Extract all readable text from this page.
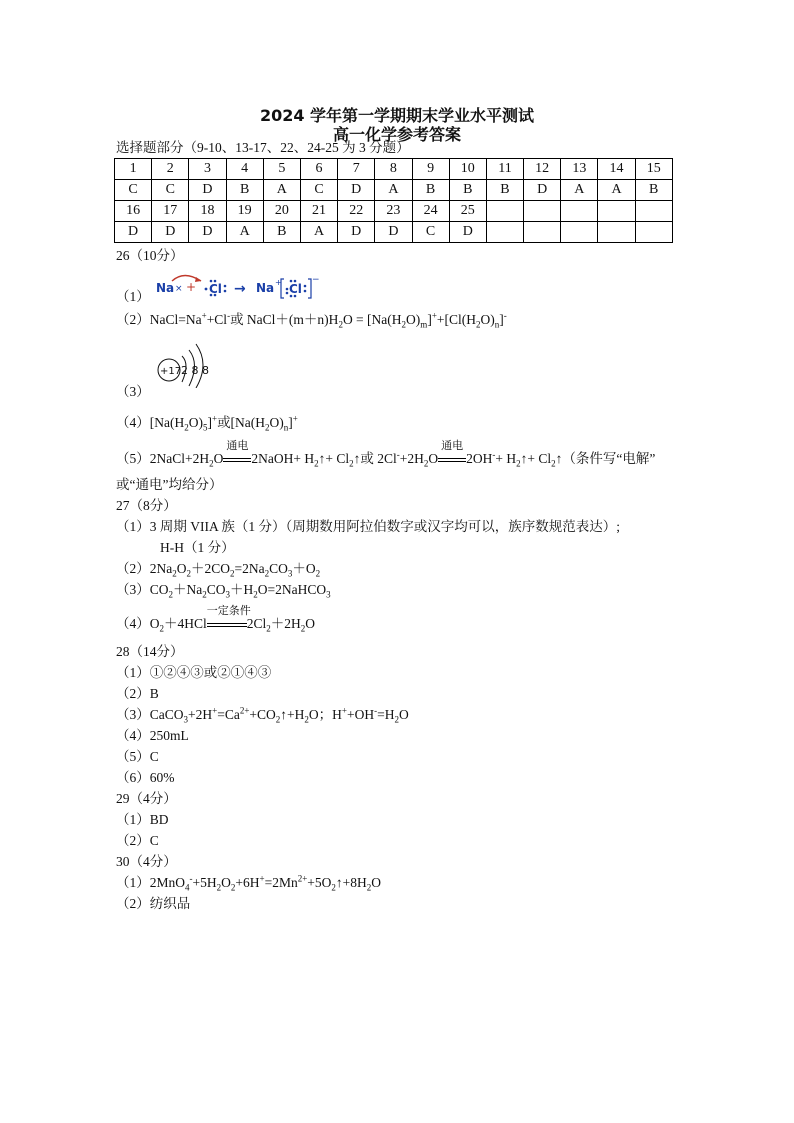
2024 学年第一学期期末学业水平测试
高一化学参考答案
选择题部分（9-10、13-17、22、24-25 为 3 分题）
1	2	3	4	5	6	7	8	9	10	11	12	13	14	15
C	C	D	B	A	C	D	A	B	B	B	D	A	A	B
16	17	18	19	20	21	22	23	24	25					
D	D	D	A	B	A	D	D	C	D					
26（10分）
（1）
Na × + Cl → Na + Cl
−
（2）NaCl=Na++Cl-或 $NaCl+(m+n)H_2O = [Na(H_2O)_m]^++[Cl(H_2O)_n]^-$
（3）
+17 2 8 8
$(4)[Na(H_2O)_5]^+$或$[Na(H_2O)_n]^+$
$(5)2NaCl+2H_2O$
通电
2NaOH+ $H_2↑+$ $Cl_2↑$或 $2Cl^-+2H_2O$
通电
$2OH^-+ H_2↑+$ $Cl_2↑$（条件写“电解”
或“通电”均给分）
27（8分）
（1）3 周期 VIIA 族（1 分）（周期数用阿拉伯数字或汉字均可以，族序数规范表达）;
H-H（1 分）
$(2)2Na_2O_2+2CO_2=2Na_2CO_3+O_2$
$(3)CO_2+Na_2CO_3+H_2O=2NaHCO_3$
$(4)O_2+4HCl$
一定条件
$2Cl_2+2H_2O$
28（14分）
（1）①②④③或②①④③
（2）B
$(3)CaCO_3+2H^+=Ca^{2+}+CO_2↑+H_2O$；$H^++OH^-=H_2O$
（4）250mL
（5）C
（6）60%
29（4分）
（1）BD
（2）C
30（4分）
$(1)2MnO_4^-+5H_2O_2+6H^+=2Mn^{2+}+5O_2↑+8H_2O$
（2）纺织品
